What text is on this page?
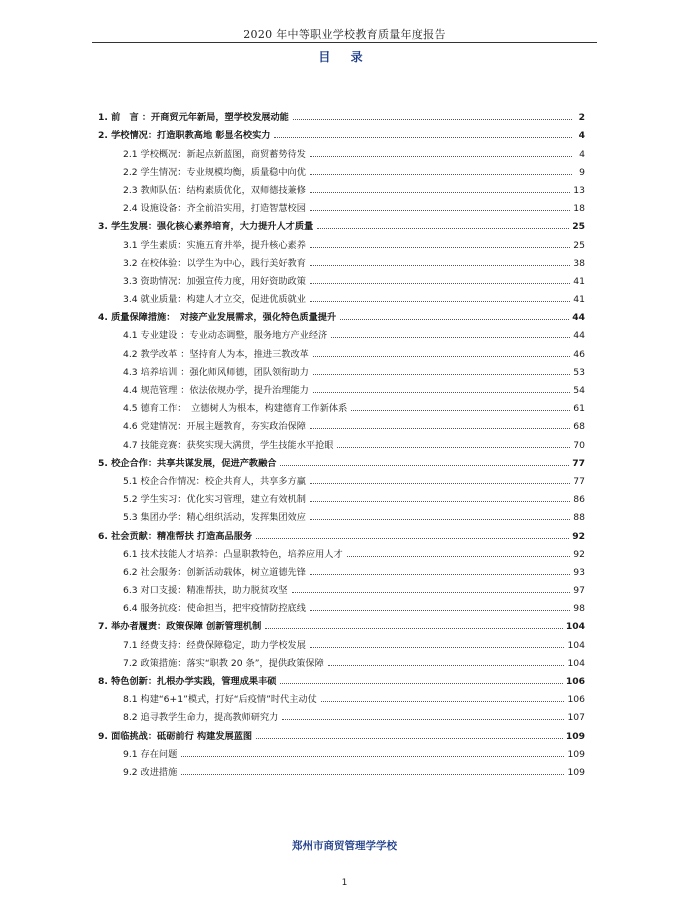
2020 年中等职业学校教育质量年度报告
目 录
1. 前　言 ：开商贸元年新局，塑学校发展动能	2
2. 学校情况：打造职教高地 彰显名校实力	4
2.1 学校概况：新起点新蓝图，商贸蓄势待发	4
2.2 学生情况：专业规模均衡，质量稳中向优	9
2.3 教师队伍：结构素质优化，双师德技兼修	13
2.4 设施设备：齐全前沿实用，打造智慧校园	18
3. 学生发展：强化核心素养培育，大力提升人才质量	25
3.1 学生素质：实施五育并举，提升核心素养	25
3.2 在校体验：以学生为中心，践行美好教育	38
3.3 资助情况：加强宣传力度，用好资助政策	41
3.4 就业质量：构建人才立交，促进优质就业	41
4. 质量保障措施：　对接产业发展需求，强化特色质量提升	44
4.1 专业建设 ：专业动态调整，服务地方产业经济	44
4.2 教学改革 ：坚持育人为本，推进三教改革	46
4.3 培养培训 ：强化师风师德，团队领衔助力	53
4.4 规范管理 ：依法依规办学，提升治理能力	54
4.5 德育工作：　立德树人为根本，构建德育工作新体系	61
4.6 党建情况：开展主题教育，夯实政治保障	68
4.7 技能竞赛：获奖实现大满贯，学生技能水平抢眼	70
5. 校企合作：共享共谋发展，促进产教融合	77
5.1 校企合作情况：校企共育人，共享多方赢	77
5.2 学生实习：优化实习管理，建立有效机制	86
5.3 集团办学：精心组织活动，发挥集团效应	88
6. 社会贡献：精准帮扶 打造高品服务	92
6.1 技术技能人才培养：凸显职教特色，培养应用人才	92
6.2 社会服务：创新活动载体，树立道德先锋	93
6.3 对口支援：精准帮扶，助力脱贫攻坚	97
6.4 服务抗疫：使命担当，把牢疫情防控底线	98
7. 举办者履责：政策保障 创新管理机制	104
7.1 经费支持：经费保障稳定，助力学校发展	104
7.2 政策措施：落实“职教 20 条”，提供政策保障	104
8. 特色创新：扎根办学实践，管理成果丰硕	106
8.1 构建“6+1”模式，打好“后疫情”时代主动仗	106
8.2 追寻教学生命力，提高教师研究力	107
9. 面临挑战：砥砺前行 构建发展蓝图	109
9.1 存在问题	109
9.2 改进措施	109
郑州市商贸管理学学校
1
